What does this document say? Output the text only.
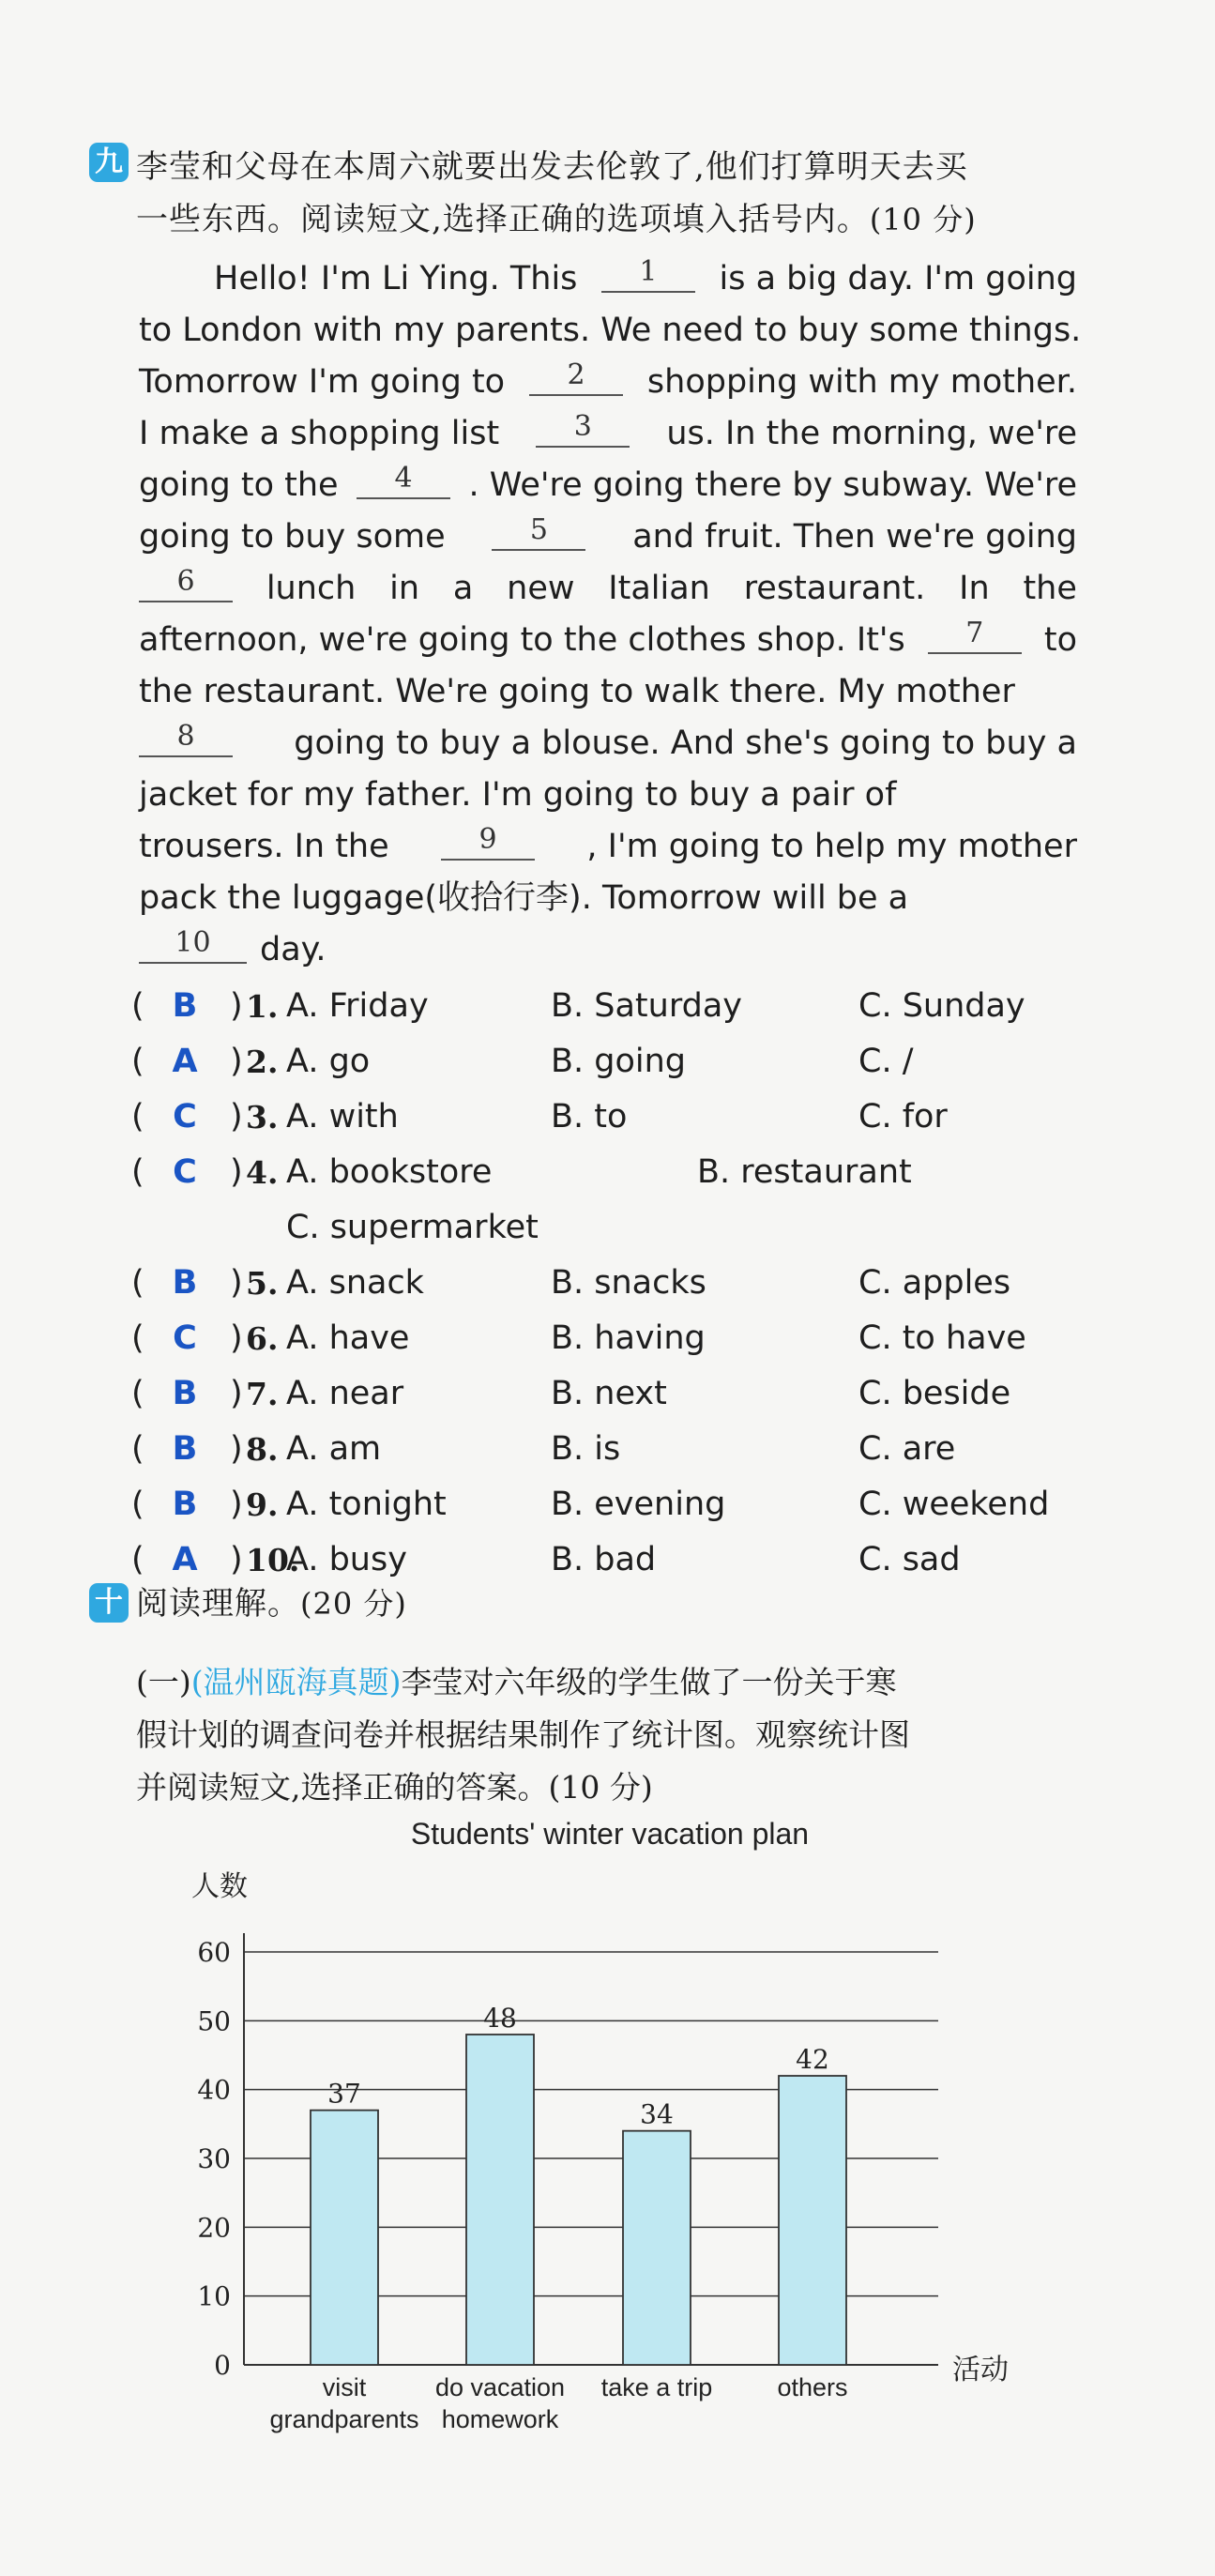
九 李莹和父母在本周六就要出发去伦敦了,他们打算明天去买
一些东西。阅读短文,选择正确的选项填入括号内。(10 分)
Hello! I'm Li Ying. This	1	is a big day. I'm going
to London with my parents. We need to buy some things.
Tomorrow I'm going to	2	shopping with my mother.
I make a shopping list	3	us. In the morning, we're
going to the	4	. We're going there by subway. We're
going to buy some	5	and fruit. Then we're going
6	lunch in a new Italian restaurant. In the
afternoon, we're going to the clothes shop. It's	7	to
the restaurant. We're going to walk there. My mother
8	going to buy a blouse. And she's going to buy a
jacket for my father. I'm going to buy a pair of
trousers. In the	9	, I'm going to help my mother
pack the luggage(收拾行李). Tomorrow will be a
10	day.
( B ) 1. A. Friday	B. Saturday	C. Sunday
( A ) 2. A. go	B. going	C. /
( C ) 3. A. with	B. to	C. for
( C ) 4. A. bookstore	B. restaurant
C. supermarket
( B ) 5. A. snack	B. snacks	C. apples
( C ) 6. A. have	B. having	C. to have
( B ) 7. A. near	B. next	C. beside
( B ) 8. A. am	B. is	C. are
( B ) 9. A. tonight	B. evening	C. weekend
( A ) 10.
A. busy	B. bad	C. sad
十 阅读理解。(20 分)
(一)(温州瓯海真题)李莹对六年级的学生做了一份关于寒
假计划的调查问卷并根据结果制作了统计图。观察统计图
并阅读短文,选择正确的答案。(10 分)
Students' winter vacation plan
人数
活动
0
10
20
30
40
50
60
37
visit
grandparents
48
do vacation
homework
34
take a trip
42
others
